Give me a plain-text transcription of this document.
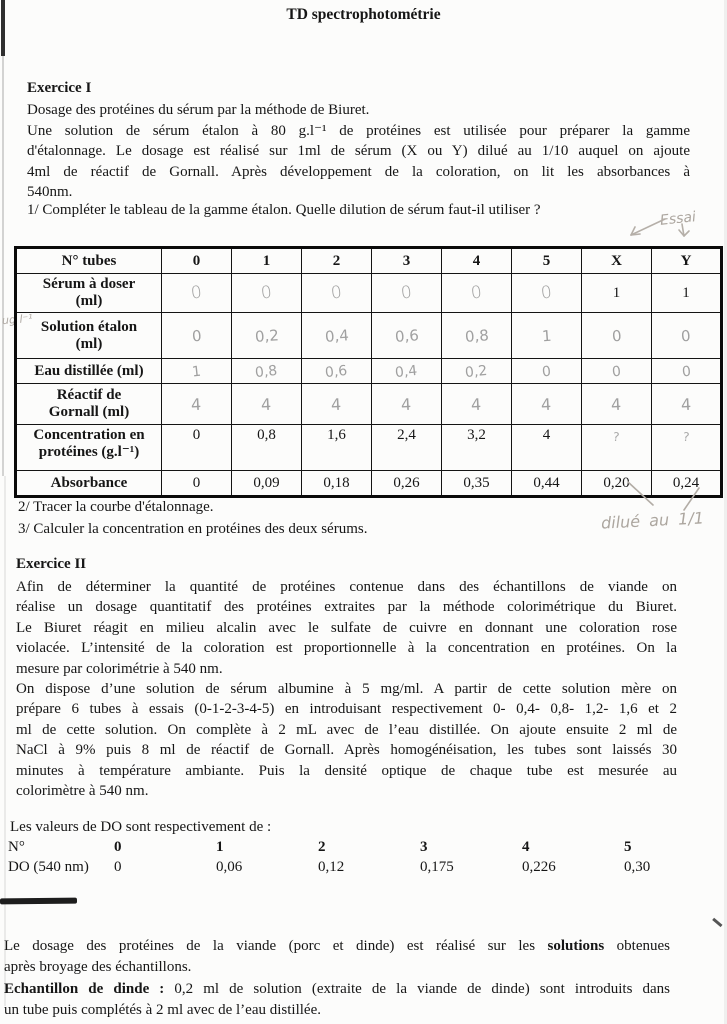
TD spectrophotométrie
Exercice I
Dosage des protéines du sérum par la méthode de Biuret.
Une solution de sérum étalon à 80 g.l⁻¹ de protéines est utilisée pour préparer la gamme
d'étalonnage. Le dosage est réalisé sur 1ml de sérum (X ou Y) dilué au 1/10 auquel on ajoute
4ml de réactif de Gornall. Après développement de la coloration, on lit les absorbances à
540nm.
1/ Compléter le tableau de la gamme étalon. Quelle dilution de sérum faut-il utiliser ?	Essai
ug l⁻¹
N° tubes	0	1	2	3	4	5	X	Y

Sérum à doser
(ml)	0	0	0	0	0	0	1	1

Solution étalon
(ml)	0	0,2	0,4	0,6	0,8	1	0	0
Eau distillée (ml)	1	0,8	0,6	0,4	0,2	0	0	0

Réactif de
Gornall (ml)	4	4	4	4	4	4	4	4

Concentration en
protéines (g.l⁻¹)	0	0,8	1,6	2,4	3,2	4	?	?
Absorbance	0	0,09	0,18	0,26	0,35	0,44	0,20	0,24
2/ Tracer la courbe d'étalonnage.
3/ Calculer la concentration en protéines des deux sérums.	dilué au 1/1
Exercice II
Afin de déterminer la quantité de protéines contenue dans des échantillons de viande on
réalise un dosage quantitatif des protéines extraites par la méthode colorimétrique du Biuret.
Le Biuret réagit en milieu alcalin avec le sulfate de cuivre en donnant une coloration rose
violacée. L’intensité de la coloration est proportionnelle à la concentration en protéines. On la
mesure par colorimétrie à 540 nm.
On dispose d’une solution de sérum albumine à 5 mg/ml. A partir de cette solution mère on
prépare 6 tubes à essais (0-1-2-3-4-5) en introduisant respectivement 0- 0,4- 0,8- 1,2- 1,6 et 2
ml de cette solution. On complète à 2 mL avec de l’eau distillée. On ajoute ensuite 2 ml de
NaCl à 9% puis 8 ml de réactif de Gornall. Après homogénéisation, les tubes sont laissés 30
minutes à température ambiante. Puis la densité optique de chaque tube est mesurée au
colorimètre à 540 nm.
Les valeurs de DO sont respectivement de :
N°	0	1	2	3	4	5
DO (540 nm) 0	0,06	0,12	0,175	0,226	0,30
Le dosage des protéines de la viande (porc et dinde) est réalisé sur les solutions obtenues
après broyage des échantillons.
Echantillon de dinde : 0,2 ml de solution (extraite de la viande de dinde) sont introduits dans
un tube puis complétés à 2 ml avec de l’eau distillée.
